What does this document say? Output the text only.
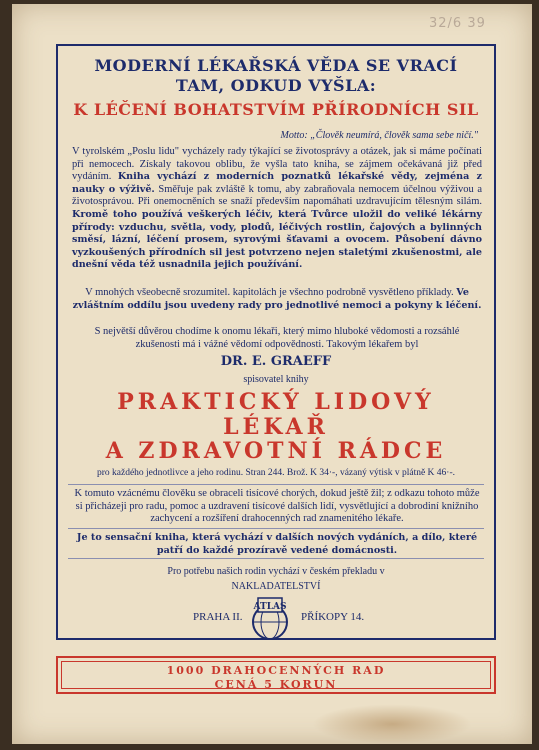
32/6 39
MODERNÍ LÉKAŘSKÁ VĚDA SE VRACÍ
TAM, ODKUD VYŠLA:
K LÉČENÍ BOHATSTVÍM PŘÍRODNÍCH SIL
Motto: „Člověk neumírá, člověk sama sebe ničí."
V tyrolském „Poslu lidu" vycházely rady týkající se životosprávy a otázek, jak si máme počínati při nemocech. Získaly takovou oblibu, že vyšla tato kniha, se zájmem očekávaná již před vydáním. Kniha vychází z moderních poznatků lékařské vědy, zejména z nauky o výživě. Směřuje pak zvláště k tomu, aby zabraňovala nemocem účelnou výživou a životosprávou. Při onemocněních se snaží především napomáhati uzdravujícím tělesným silám. Kromě toho používá veškerých léčiv, která Tvůrce uložil do veliké lékárny přírody: vzduchu, světla, vody, plodů, léčivých rostlin, čajových a bylinných směsí, lázní, léčení prosem, syrovými šťavami a ovocem. Působení dávno vyzkoušených přírodních sil jest potvrzeno nejen staletými zkušenostmi, ale dnešní věda též usnadnila jejich používání.
V mnohých všeobecně srozumitel. kapitolách je všechno podrobně vysvětleno příklady. Ve zvláštním oddílu jsou uvedeny rady pro jednotlivé nemoci a pokyny k léčení.
S největší důvěrou chodíme k onomu lékaři, který mimo hluboké vědomosti a rozsáhlé zkušenosti má i vážné vědomí odpovědnosti. Takovým lékařem byl
DR. E. GRAEFF
spisovatel knihy
PRAKTICKÝ LIDOVÝ
LÉKAŘ
A ZDRAVOTNÍ RÁDCE
pro každého jednotlivce a jeho rodinu. Stran 244. Brož. K 34·-, vázaný výtisk v plátně K 46·-.
K tomuto vzácnému člověku se obraceli tisícové chorých, dokud ještě žil; z odkazu tohoto může si přicházeji pro radu, pomoc a uzdravení tisícové dalších lidí, vysvětlující a dobrodiní knižního zachycení a rozšíření drahocenných rad znamenitého lékaře.
Je to sensační kniha, která vychází v dalších nových vydáních, a dílo, které patří do každé prozíravě vedené domácnosti.
Pro potřebu našich rodin vychází v českém překladu v
NAKLADATELSTVÍ
PRAHA II.
ATLAS
PŘÍKOPY 14.
1000 DRAHOCENNÝCH RAD
CENÁ 5 KORUN
